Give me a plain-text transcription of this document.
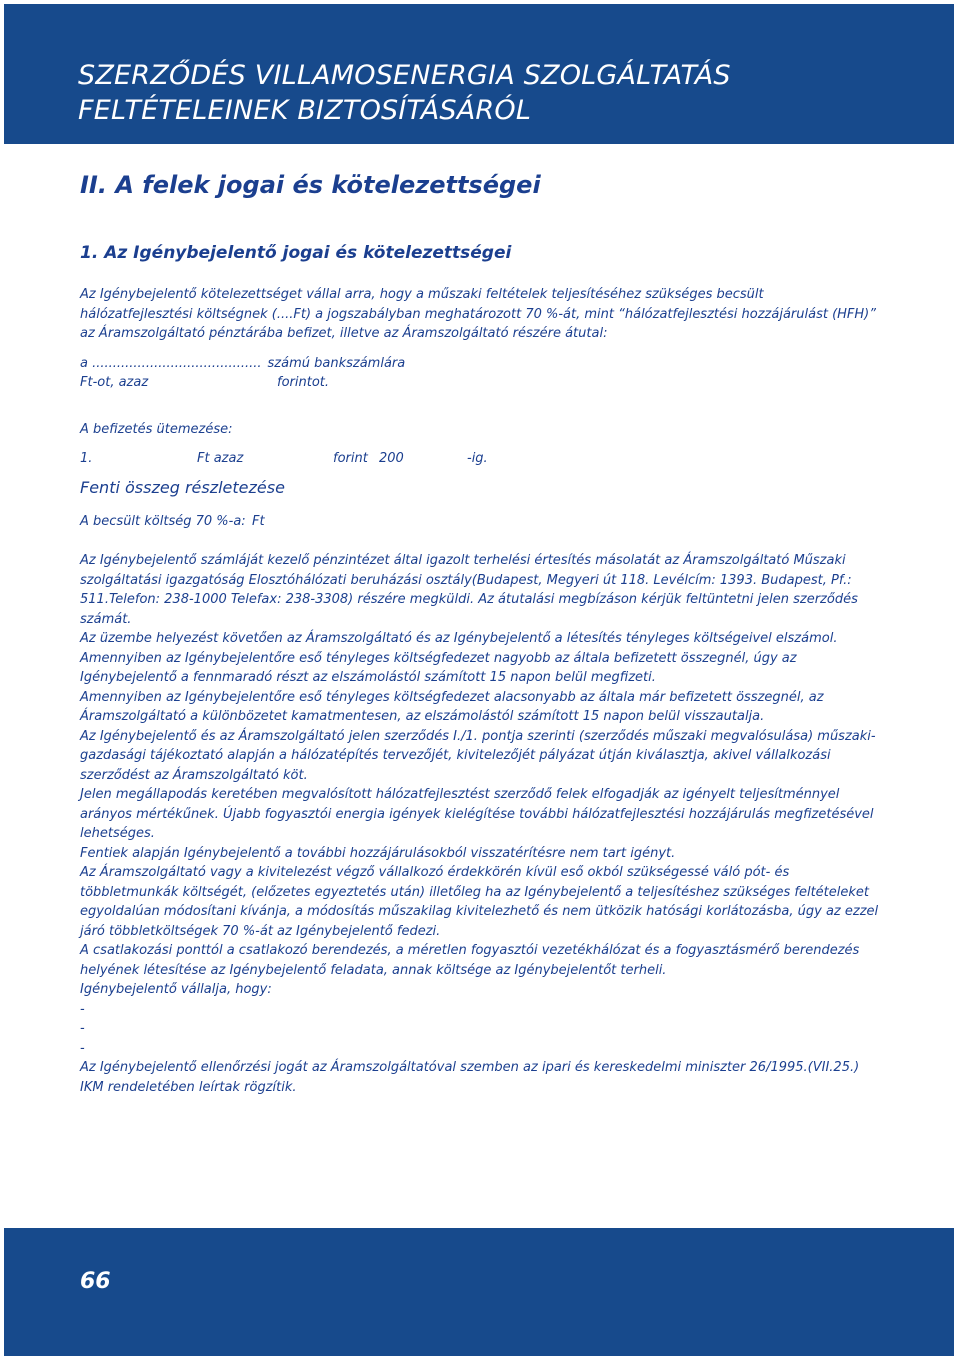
SZERZŐDÉS VILLAMOSENERGIA SZOLGÁLTATÁS
FELTÉTELEINEK BIZTOSÍTÁSÁRÓL
II. A felek jogai és kötelezettségei
1. Az Igénybejelentő jogai és kötelezettségei

Az Igénybejelentő kötelezettséget vállal arra, hogy a műszaki feltételek teljesítéséhez szükséges becsült hálózatfejlesztési költségnek (....Ft) a jogszabályban meghatározott 70 %-át, mint “hálózatfejlesztési hozzájárulást (HFH)” az Áramszolgáltató pénztárába befizet, illetve az Áramszolgáltató részére átutal:

a ......................................... számú bankszámlára
Ft-ot, azaz	forintot.

A befizetés ütemezése:

1.	Ft azaz	forint 200	-ig.
Fenti összeg részletezése
A becsült költség 70 %-a: Ft

Az Igénybejelentő számláját kezelő pénzintézet által igazolt terhelési értesítés másolatát az Áramszolgáltató Műszaki szolgáltatási igazgatóság Elosztóhálózati beruházási osztály(Budapest, Megyeri út 118. Levélcím: 1393. Budapest, Pf.: 511.Telefon: 238-1000 Telefax: 238-3308) részére megküldi. Az átutalási megbízáson kérjük feltüntetni jelen szerződés számát.

Az üzembe helyezést követően az Áramszolgáltató és az Igénybejelentő a létesítés tényleges költségeivel elszámol.

Amennyiben az Igénybejelentőre eső tényleges költségfedezet nagyobb az általa befizetett összegnél, úgy az Igénybejelentő a fennmaradó részt az elszámolástól számított 15 napon belül megfizeti.

Amennyiben az Igénybejelentőre eső tényleges költségfedezet alacsonyabb az általa már befizetett összegnél, az Áramszolgáltató a különbözetet kamatmentesen, az elszámolástól számított 15 napon belül visszautalja.

Az Igénybejelentő és az Áramszolgáltató jelen szerződés I./1. pontja szerinti (szerződés műszaki megvalósulása) műszaki-gazdasági tájékoztató alapján a hálózatépítés tervezőjét, kivitelezőjét pályázat útján kiválasztja, akivel vállalkozási szerződést az Áramszolgáltató köt.

Jelen megállapodás keretében megvalósított hálózatfejlesztést szerződő felek elfogadják az igényelt teljesítménnyel arányos mértékűnek. Újabb fogyasztói energia igények kielégítése további hálózatfejlesztési hozzájárulás megfizetésével lehetséges.

Fentiek alapján Igénybejelentő a további hozzájárulásokból visszatérítésre nem tart igényt.

Az Áramszolgáltató vagy a kivitelezést végző vállalkozó érdekkörén kívül eső okból szükségessé váló pót- és többletmunkák költségét, (előzetes egyeztetés után) illetőleg ha az Igénybejelentő a teljesítéshez szükséges feltételeket egyoldalúan módosítani kívánja, a módosítás műszakilag kivitelezhető és nem ütközik hatósági korlátozásba, úgy az ezzel járó többletköltségek 70 %-át az Igénybejelentő fedezi.

A csatlakozási ponttól a csatlakozó berendezés, a méretlen fogyasztói vezetékhálózat és a fogyasztásmérő berendezés helyének létesítése az Igénybejelentő feladata, annak költsége az Igénybejelentőt terheli.

Igénybejelentő vállalja, hogy:

-

-

-

Az Igénybejelentő ellenőrzési jogát az Áramszolgáltatóval szemben az ipari és kereskedelmi miniszter 26/1995.(VII.25.) IKM rendeletében leírtak rögzítik.

66
